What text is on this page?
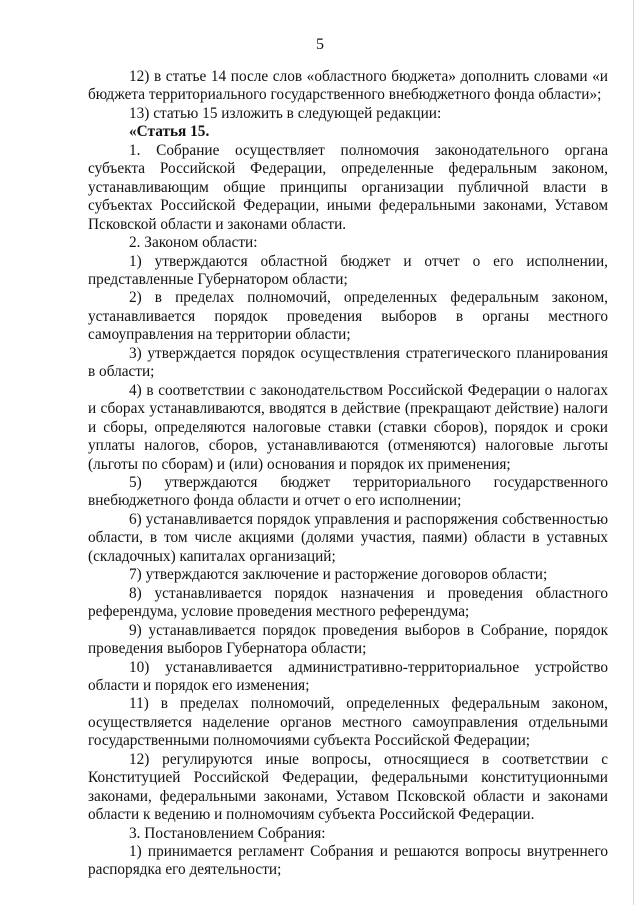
5

12) в статье 14 после слов «областного бюджета» дополнить словами «и бюджета территориального государственного внебюджетного фонда области»;

13) статью 15 изложить в следующей редакции:

«Статья 15.

1. Собрание осуществляет полномочия законодательного органа субъекта Российской Федерации, определенные федеральным законом, устанавливающим общие принципы организации публичной власти в субъектах Российской Федерации, иными федеральными законами, Уставом Псковской области и законами области.

2. Законом области:

1) утверждаются областной бюджет и отчет о его исполнении, представленные Губернатором области;

2) в пределах полномочий, определенных федеральным законом, устанавливается порядок проведения выборов в органы местного самоуправления на территории области;

3) утверждается порядок осуществления стратегического планирования в области;

4) в соответствии с законодательством Российской Федерации о налогах и сборах устанавливаются, вводятся в действие (прекращают действие) налоги и сборы, определяются налоговые ставки (ставки сборов), порядок и сроки уплаты налогов, сборов, устанавливаются (отменяются) налоговые льготы (льготы по сборам) и (или) основания и порядок их применения;

5) утверждаются бюджет территориального государственного внебюджетного фонда области и отчет о его исполнении;

6) устанавливается порядок управления и распоряжения собственностью области, в том числе акциями (долями участия, паями) области в уставных (складочных) капиталах организаций;

7) утверждаются заключение и расторжение договоров области;

8) устанавливается порядок назначения и проведения областного референдума, условие проведения местного референдума;

9) устанавливается порядок проведения выборов в Собрание, порядок проведения выборов Губернатора области;

10) устанавливается административно-территориальное устройство области и порядок его изменения;

11) в пределах полномочий, определенных федеральным законом, осуществляется наделение органов местного самоуправления отдельными государственными полномочиями субъекта Российской Федерации;

12) регулируются иные вопросы, относящиеся в соответствии с Конституцией Российской Федерации, федеральными конституционными законами, федеральными законами, Уставом Псковской области и законами области к ведению и полномочиям субъекта Российской Федерации.

3. Постановлением Собрания:

1) принимается регламент Собрания и решаются вопросы внутреннего распорядка его деятельности;
